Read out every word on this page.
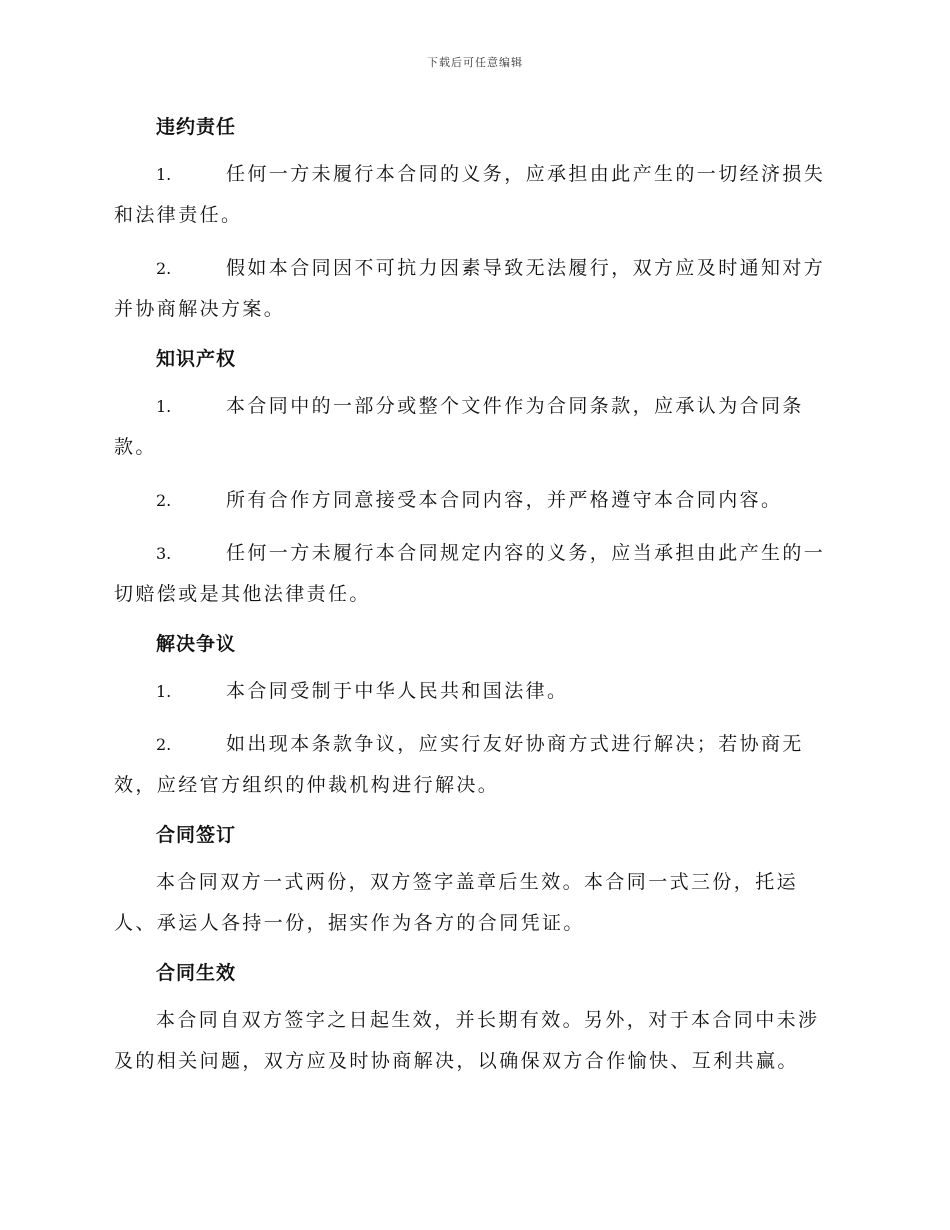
下载后可任意编辑
违约责任
1.	任何一方未履行本合同的义务，应承担由此产生的一切经济损失和法律责任。
2.	假如本合同因不可抗力因素导致无法履行，双方应及时通知对方并协商解决方案。
知识产权
1.	本合同中的一部分或整个文件作为合同条款，应承认为合同条款。
2.	所有合作方同意接受本合同内容，并严格遵守本合同内容。
3.	任何一方未履行本合同规定内容的义务，应当承担由此产生的一切赔偿或是其他法律责任。
解决争议
1.	本合同受制于中华人民共和国法律。
2.	如出现本条款争议，应实行友好协商方式进行解决；若协商无效，应经官方组织的仲裁机构进行解决。
合同签订
本合同双方一式两份，双方签字盖章后生效。本合同一式三份，托运人、承运人各持一份，据实作为各方的合同凭证。
合同生效
本合同自双方签字之日起生效，并长期有效。另外，对于本合同中未涉及的相关问题，双方应及时协商解决，以确保双方合作愉快、互利共赢。
